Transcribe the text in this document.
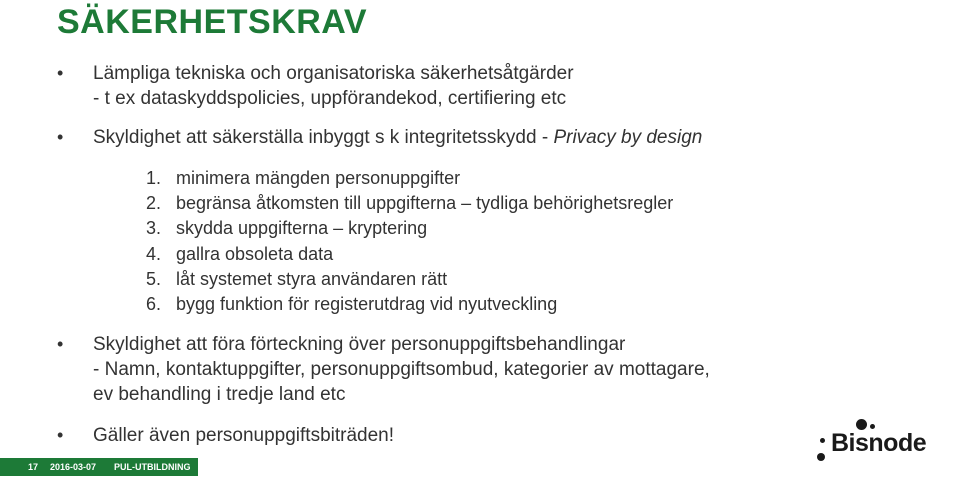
SÄKERHETSKRAV
• Lämpliga tekniska och organisatoriska säkerhetsåtgärder
- t ex dataskyddspolicies, uppförandekod, certifiering etc
• Skyldighet att säkerställa inbyggt s k integritetsskydd - Privacy by design
1. minimera mängden personuppgifter
2. begränsa åtkomsten till uppgifterna – tydliga behörighetsregler
3. skydda uppgifterna – kryptering
4. gallra obsoleta data
5. låt systemet styra användaren rätt
6. bygg funktion för registerutdrag vid nyutveckling
• Skyldighet att föra förteckning över personuppgiftsbehandlingar
- Namn, kontaktuppgifter, personuppgiftsombud, kategorier av mottagare,
ev behandling i tredje land etc
• Gäller även personuppgiftsbiträden!
17	2016-03-07	PUL-UTBILDNING
Bisnode
